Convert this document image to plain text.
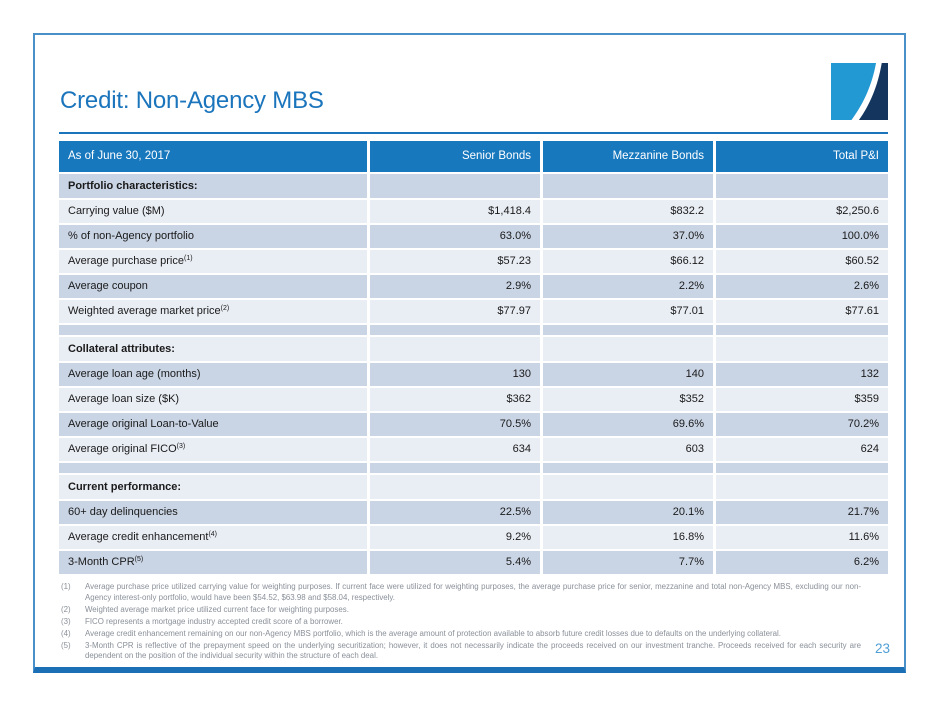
Credit: Non-Agency MBS
As of June 30, 2017	Senior Bonds	Mezzanine Bonds	Total P&I
Portfolio characteristics:
Carrying value ($M)	$1,418.4	$832.2	$2,250.6
% of non-Agency portfolio	63.0%	37.0%	100.0%
Average purchase price$^{(1)}$	$57.23	$66.12	$60.52
Average coupon	2.9%	2.2%	2.6%
Weighted average market price$^{(2)}$	$77.97	$77.01	$77.61
Collateral attributes:
Average loan age (months)	130	140	132
Average loan size ($K)	$362	$352	$359
Average original Loan-to-Value	70.5%	69.6%	70.2%
Average original FICO$^{(3)}$	634	603	624
Current performance:
60+ day delinquencies	22.5%	20.1%	21.7%
Average credit enhancement$^{(4)}$	9.2%	16.8%	11.6%
3-Month CPR$^{(5)}$	5.4%	7.7%	6.2%
(1)	Average purchase price utilized carrying value for weighting purposes. If current face were utilized for weighting purposes, the average purchase price for senior, mezzanine and total non-Agency MBS, excluding our non-Agency interest-only portfolio, would have been $54.52, $63.98 and $58.04, respectively.
(2)	Weighted average market price utilized current face for weighting purposes.
(3)	FICO represents a mortgage industry accepted credit score of a borrower.
(4)	Average credit enhancement remaining on our non-Agency MBS portfolio, which is the average amount of protection available to absorb future credit losses due to defaults on the underlying collateral.
(5)	3-Month CPR is reflective of the prepayment speed on the underlying securitization; however, it does not necessarily indicate the proceeds received on our investment tranche. Proceeds received for each security are dependent on the position of the individual security within the structure of each deal.	23
